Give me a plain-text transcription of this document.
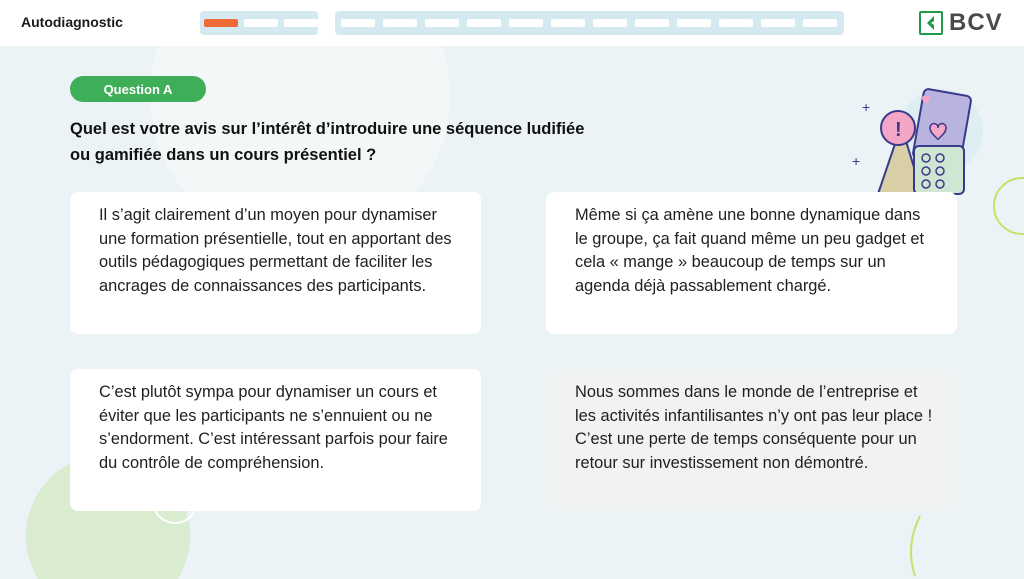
Autodiagnostic	BCV
Question A
Quel est votre avis sur l’intérêt d’introduire une séquence ludifiée ou gamifiée dans un cours présentiel ?
+
+
!
Il s’agit clairement d’un moyen pour dynamiser une formation présentielle, tout en apportant des outils pédagogiques permettant de faciliter les ancrages de connaissances des participants.
Même si ça amène une bonne dynamique dans le groupe, ça fait quand même un peu gadget et cela « mange » beaucoup de temps sur un agenda déjà passablement chargé.
C’est plutôt sympa pour dynamiser un cours et éviter que les participants ne s’ennuient ou ne s’endorment. C’est intéressant parfois pour faire du contrôle de compréhension.
Nous sommes dans le monde de l’entreprise et les activités infantilisantes n’y ont pas leur place ! C’est une perte de temps conséquente pour un retour sur investissement non démontré.
